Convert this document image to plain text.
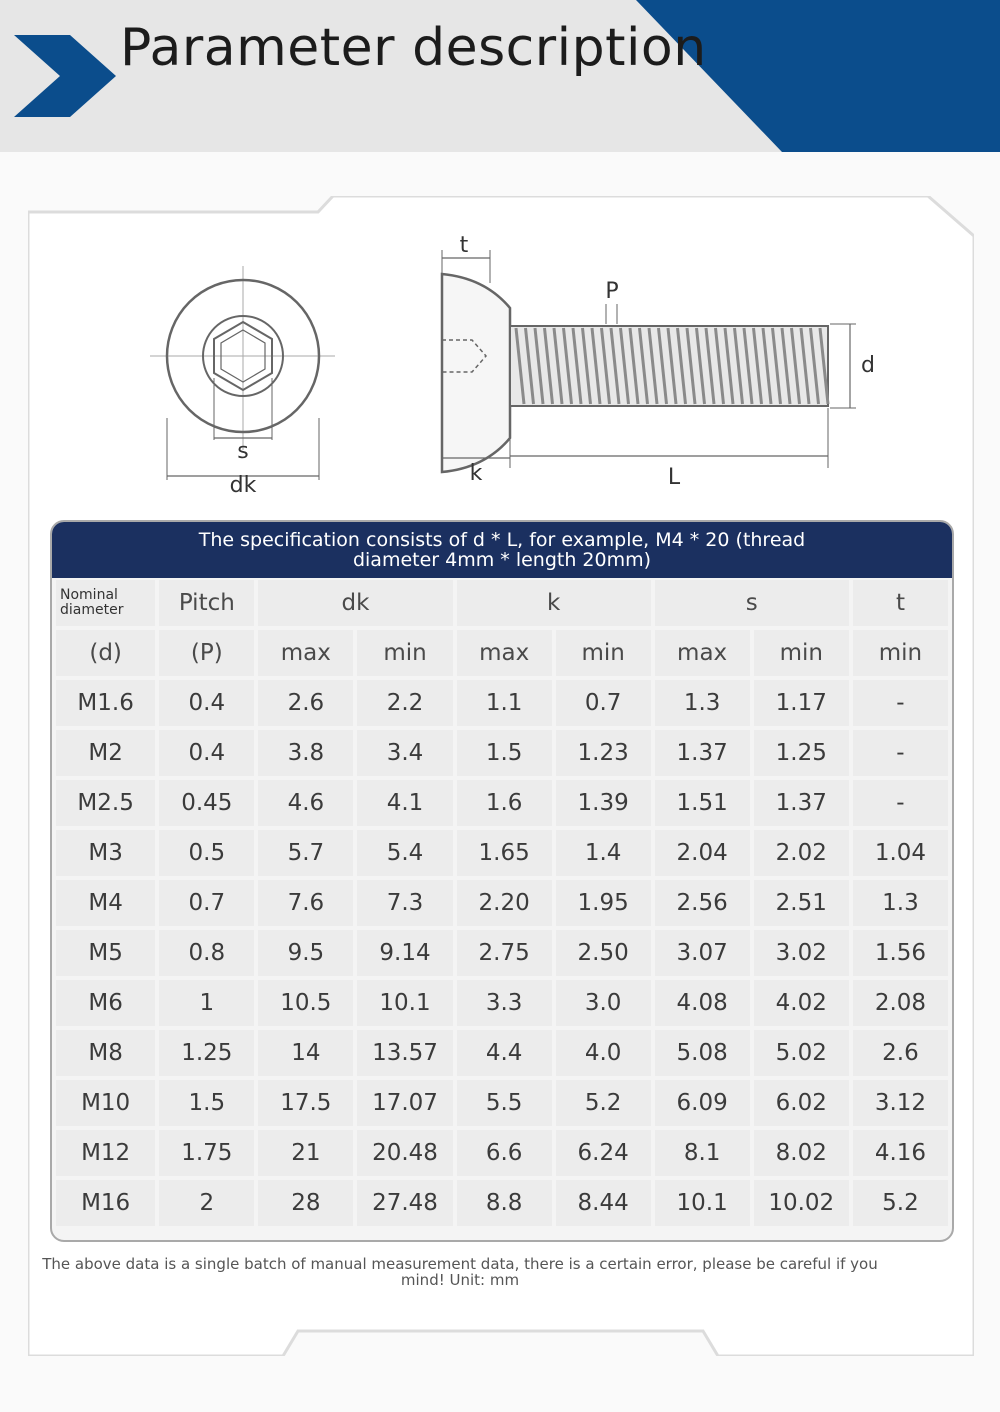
Parameter description
s
dk
t
P
d
k	L
The specification consists of d * L, for example, M4 * 20 (thread
diameter 4mm * length 20mm)
Nominal
diameter	Pitch	dk		k		s		t
(d)	(P)	max	min	max	min	max	min	min
M1.6	0.4	2.6	2.2	1.1	0.7	1.3	1.17	-
M2	0.4	3.8	3.4	1.5	1.23	1.37	1.25	-
M2.5	0.45	4.6	4.1	1.6	1.39	1.51	1.37	-
M3	0.5	5.7	5.4	1.65	1.4	2.04	2.02	1.04
M4	0.7	7.6	7.3	2.20	1.95	2.56	2.51	1.3
M5	0.8	9.5	9.14	2.75	2.50	3.07	3.02	1.56
M6	1	10.5	10.1	3.3	3.0	4.08	4.02	2.08
M8	1.25	14	13.57	4.4	4.0	5.08	5.02	2.6
M10	1.5	17.5	17.07	5.5	5.2	6.09	6.02	3.12
M12	1.75	21	20.48	6.6	6.24	8.1	8.02	4.16
M16	2	28	27.48	8.8	8.44	10.1	10.02	5.2
The above data is a single batch of manual measurement data, there is a certain error, please be careful if you
mind! Unit: mm
